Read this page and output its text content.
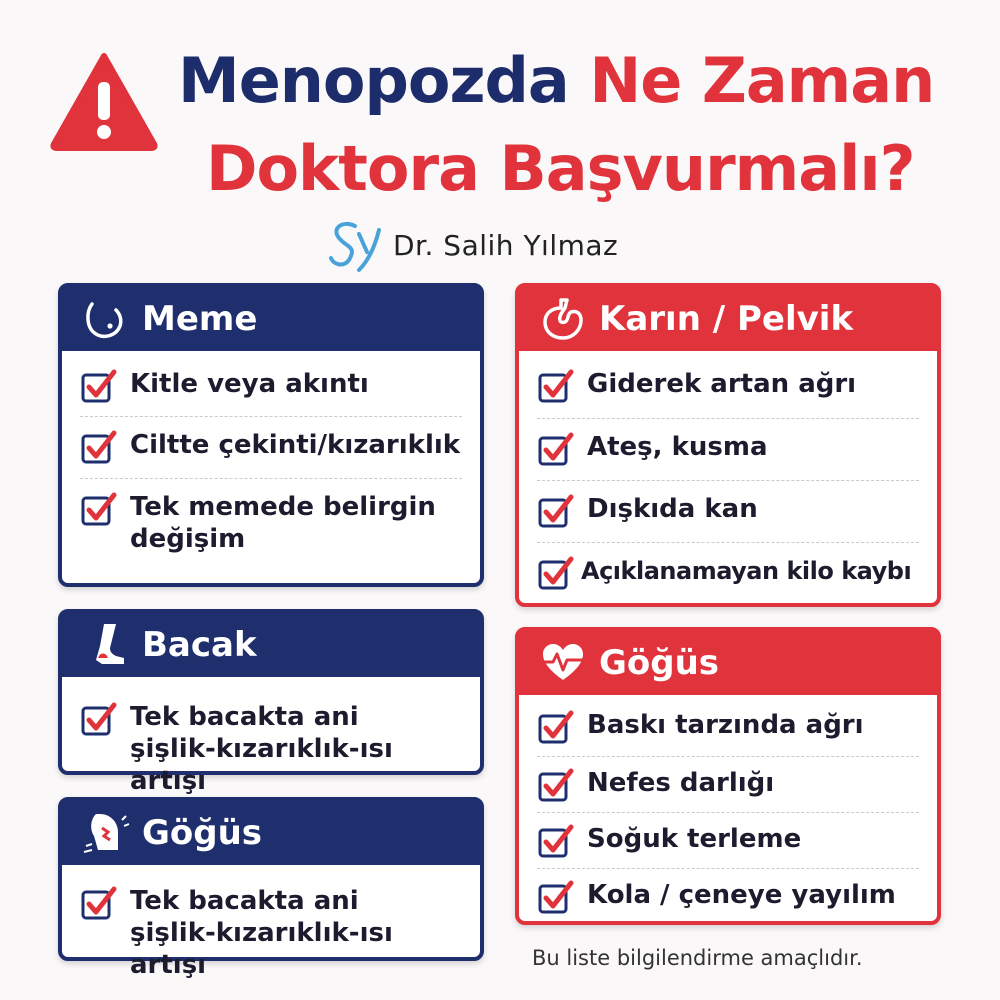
Menopozda Ne Zaman
Doktora Başvurmalı?
Dr. Salih Yılmaz
Meme
Kitle veya akıntı
Ciltte çekinti/kızarıklık
Tek memede belirgin değişim
Bacak
Tek bacakta ani şişlik-kızarıklık-ısı artışı
Göğüs
Tek bacakta ani şişlik-kızarıklık-ısı artışı
Karın / Pelvik
Giderek artan ağrı
Ateş, kusma
Dışkıda kan
Açıklanamayan kilo kaybı
Göğüs
Baskı tarzında ağrı
Nefes darlığı
Soğuk terleme
Kola / çeneye yayılım
Bu liste bilgilendirme amaçlıdır.
